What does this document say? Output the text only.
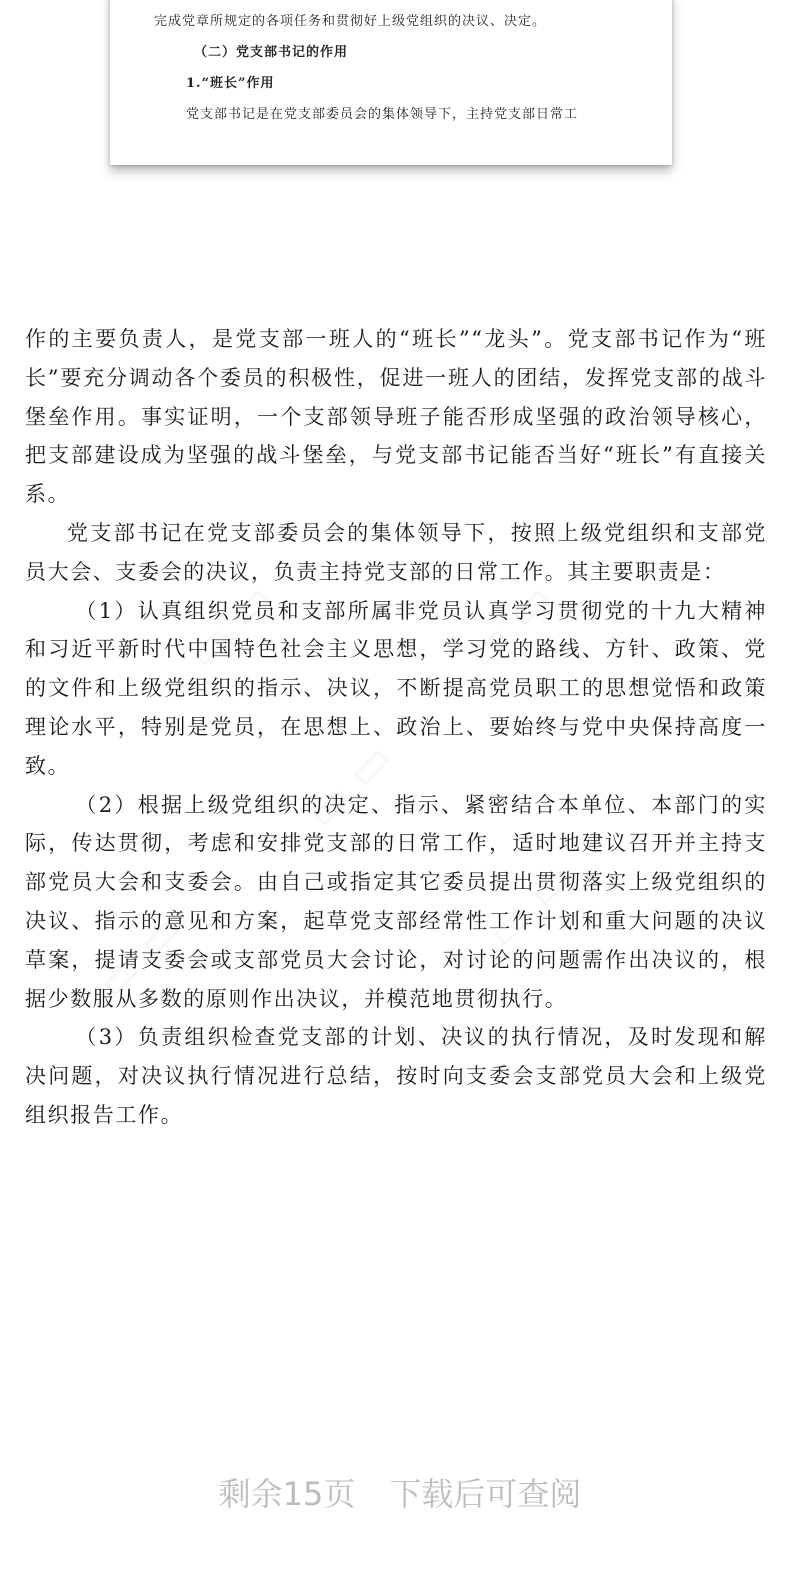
完成党章所规定的各项任务和贯彻好上级党组织的决议、决定。
（二）党支部书记的作用
1.“班长”作用
党支部书记是在党支部委员会的集体领导下，主持党支部日常工

作的主要负责人，是党支部一班人的“班长”“龙头”。党支部书记作为“班长”要充分调动各个委员的积极性，促进一班人的团结，发挥党支部的战斗堡垒作用。事实证明，一个支部领导班子能否形成坚强的政治领导核心，把支部建设成为坚强的战斗堡垒，与党支部书记能否当好“班长”有直接关系。

党支部书记在党支部委员会的集体领导下，按照上级党组织和支部党员大会、支委会的决议，负责主持党支部的日常工作。其主要职责是：

（1）认真组织党员和支部所属非党员认真学习贯彻党的十九大精神和习近平新时代中国特色社会主义思想，学习党的路线、方针、政策、党的文件和上级党组织的指示、决议，不断提高党员职工的思想觉悟和政策理论水平，特别是党员，在思想上、政治上、要始终与党中央保持高度一致。

（2）根据上级党组织的决定、指示、紧密结合本单位、本部门的实际，传达贯彻，考虑和安排党支部的日常工作，适时地建议召开并主持支部党员大会和支委会。由自己或指定其它委员提出贯彻落实上级党组织的决议、指示的意见和方案，起草党支部经常性工作计划和重大问题的决议草案，提请支委会或支部党员大会讨论，对讨论的问题需作出决议的，根据少数服从多数的原则作出决议，并模范地贯彻执行。

（3）负责组织检查党支部的计划、决议的执行情况，及时发现和解决问题，对决议执行情况进行总结，按时向支委会支部党员大会和上级党组织报告工作。

剩余15页 下载后可查阅
